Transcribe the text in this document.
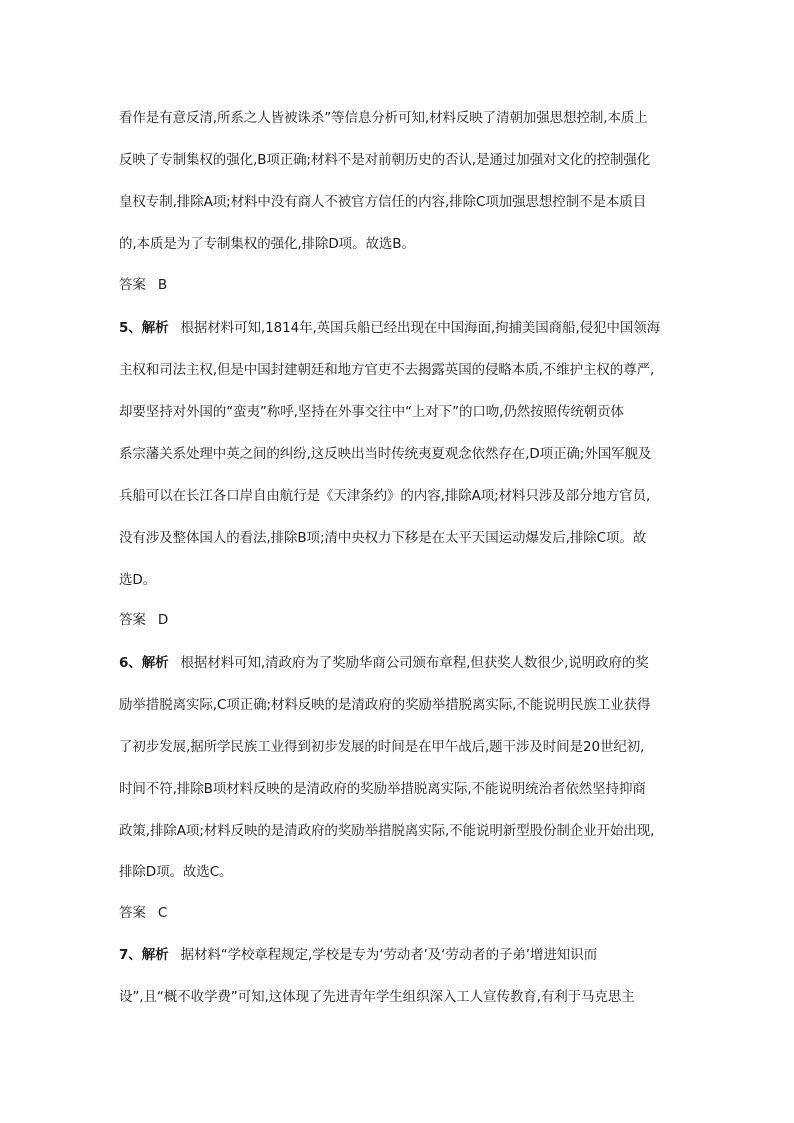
看作是有意反清,所系之人皆被诛杀”等信息分析可知,材料反映了清朝加强思想控制,本质上
反映了专制集权的强化,B项正确;材料不是对前朝历史的否认,是通过加强对文化的控制强化
皇权专制,排除A项;材料中没有商人不被官方信任的内容,排除C项加强思想控制不是本质目
的,本质是为了专制集权的强化,排除D项。故选B。
答案 B
5、解析 根据材料可知,1814年,英国兵船已经出现在中国海面,拘捕美国商船,侵犯中国领海
主权和司法主权,但是中国封建朝廷和地方官吏不去揭露英国的侵略本质,不维护主权的尊严,
却要坚持对外国的“蛮夷”称呼,坚持在外事交往中“上对下”的口吻,仍然按照传统朝贡体
系宗藩关系处理中英之间的纠纷,这反映出当时传统夷夏观念依然存在,D项正确;外国军舰及
兵船可以在长江各口岸自由航行是《天津条约》的内容,排除A项;材料只涉及部分地方官员,
没有涉及整体国人的看法,排除B项;清中央权力下移是在太平天国运动爆发后,排除C项。故
选D。
答案 D
6、解析 根据材料可知,清政府为了奖励华商公司颁布章程,但获奖人数很少,说明政府的奖
励举措脱离实际,C项正确;材料反映的是清政府的奖励举措脱离实际,不能说明民族工业获得
了初步发展,据所学民族工业得到初步发展的时间是在甲午战后,题干涉及时间是20世纪初,
时间不符,排除B项材料反映的是清政府的奖励举措脱离实际,不能说明统治者依然坚持抑商
政策,排除A项;材料反映的是清政府的奖励举措脱离实际,不能说明新型股份制企业开始出现,
排除D项。故选C。
答案 C
7、解析 据材料“学校章程规定,学校是专为‘劳动者’及‘劳动者的子弟’增进知识而
设”,且“概不收学费”可知,这体现了先进青年学生组织深入工人宣传教育,有利于马克思主
